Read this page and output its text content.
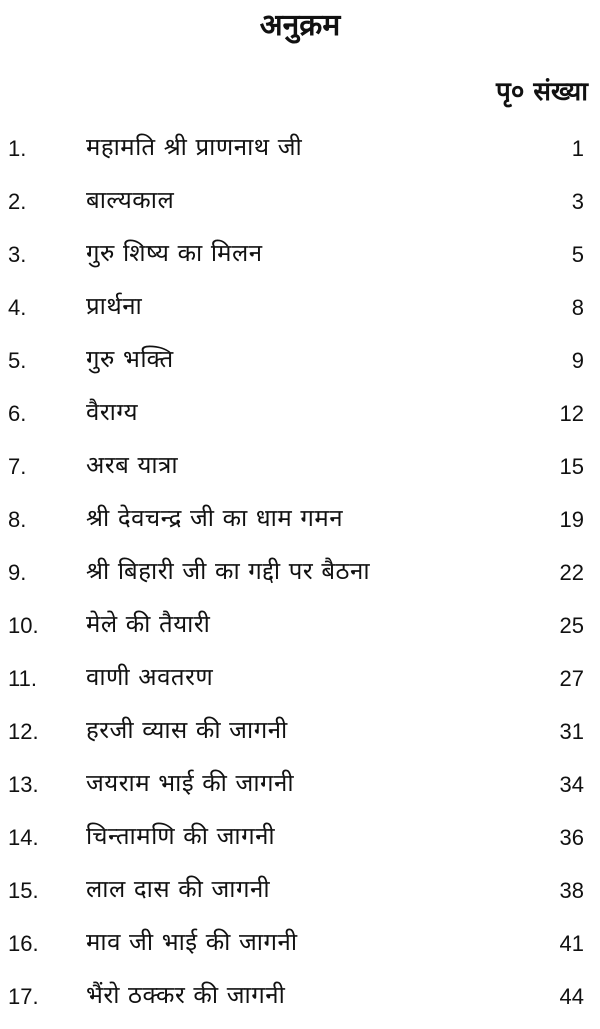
अनुक्रम
पृ० संख्या
1. महामति श्री प्राणनाथ जी	1
2. बाल्यकाल	3
3. गुरु शिष्य का मिलन	5
4. प्रार्थना	8
5. गुरु भक्ति	9
6. वैराग्य	12
7. अरब यात्रा	15
8. श्री देवचन्द्र जी का धाम गमन	19
9. श्री बिहारी जी का गद्दी पर बैठना	22
10. मेले की तैयारी	25
11. वाणी अवतरण	27
12. हरजी व्यास की जागनी	31
13. जयराम भाई की जागनी	34
14. चिन्तामणि की जागनी	36
15. लाल दास की जागनी	38
16. माव जी भाई की जागनी	41
17. भैंरो ठक्कर की जागनी	44
